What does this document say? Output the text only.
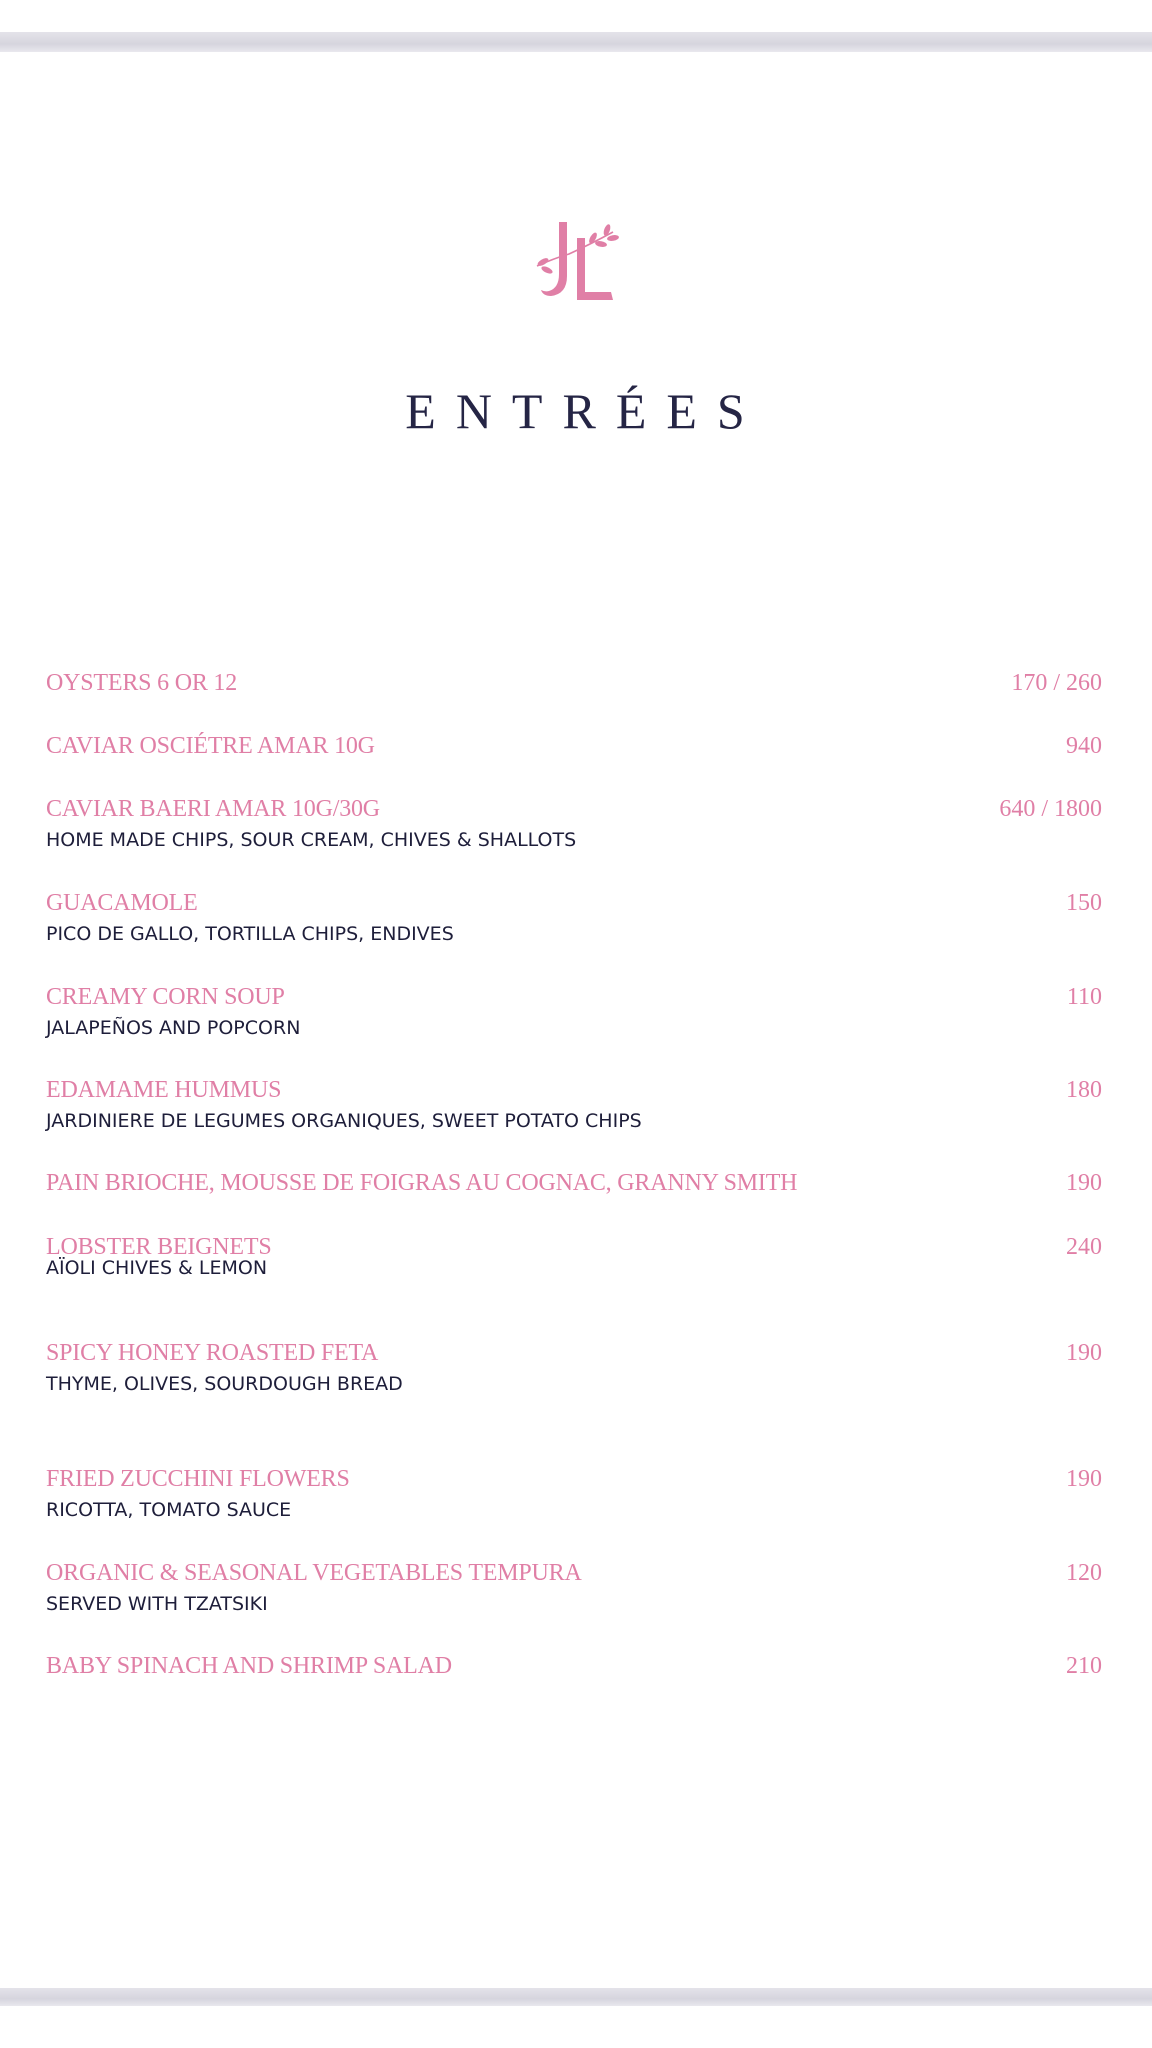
ENTRÉES
OYSTERS 6 OR 12	170 / 260
CAVIAR OSCIÉTRE AMAR 10G	940
CAVIAR BAERI AMAR 10G/30G	640 / 1800
HOME MADE CHIPS, SOUR CREAM, CHIVES & SHALLOTS
GUACAMOLE	150
PICO DE GALLO, TORTILLA CHIPS, ENDIVES
CREAMY CORN SOUP	110
JALAPEÑOS AND POPCORN
EDAMAME HUMMUS	180
JARDINIERE DE LEGUMES ORGANIQUES, SWEET POTATO CHIPS
PAIN BRIOCHE, MOUSSE DE FOIGRAS AU COGNAC, GRANNY SMITH	190
LOBSTER BEIGNETS	240
AÏOLI CHIVES & LEMON
SPICY HONEY ROASTED FETA	190
THYME, OLIVES, SOURDOUGH BREAD
FRIED ZUCCHINI FLOWERS	190
RICOTTA, TOMATO SAUCE
ORGANIC & SEASONAL VEGETABLES TEMPURA	120
SERVED WITH TZATSIKI
BABY SPINACH AND SHRIMP SALAD	210
